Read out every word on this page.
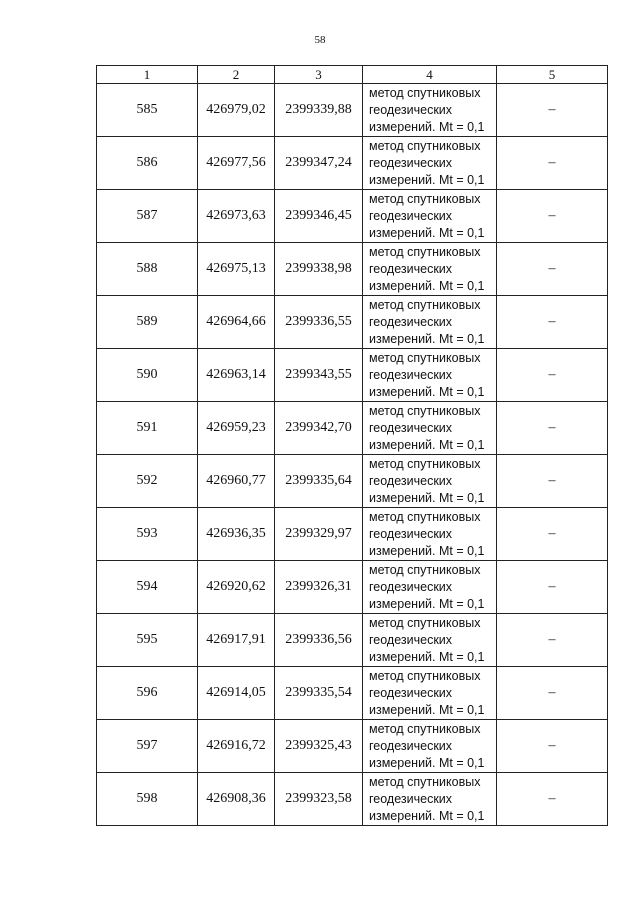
58
1	2	3	4	5
585	426979,02	2399339,88	метод спутниковых
геодезических
измерений. Mt = 0,1	–
586	426977,56	2399347,24	метод спутниковых
геодезических
измерений. Mt = 0,1	–
587	426973,63	2399346,45	метод спутниковых
геодезических
измерений. Mt = 0,1	–
588	426975,13	2399338,98	метод спутниковых
геодезических
измерений. Mt = 0,1	–
589	426964,66	2399336,55	метод спутниковых
геодезических
измерений. Mt = 0,1	–
590	426963,14	2399343,55	метод спутниковых
геодезических
измерений. Mt = 0,1	–
591	426959,23	2399342,70	метод спутниковых
геодезических
измерений. Mt = 0,1	–
592	426960,77	2399335,64	метод спутниковых
геодезических
измерений. Mt = 0,1	–
593	426936,35	2399329,97	метод спутниковых
геодезических
измерений. Mt = 0,1	–
594	426920,62	2399326,31	метод спутниковых
геодезических
измерений. Mt = 0,1	–
595	426917,91	2399336,56	метод спутниковых
геодезических
измерений. Mt = 0,1	–
596	426914,05	2399335,54	метод спутниковых
геодезических
измерений. Mt = 0,1	–
597	426916,72	2399325,43	метод спутниковых
геодезических
измерений. Mt = 0,1	–
598	426908,36	2399323,58	метод спутниковых
геодезических
измерений. Mt = 0,1	–
